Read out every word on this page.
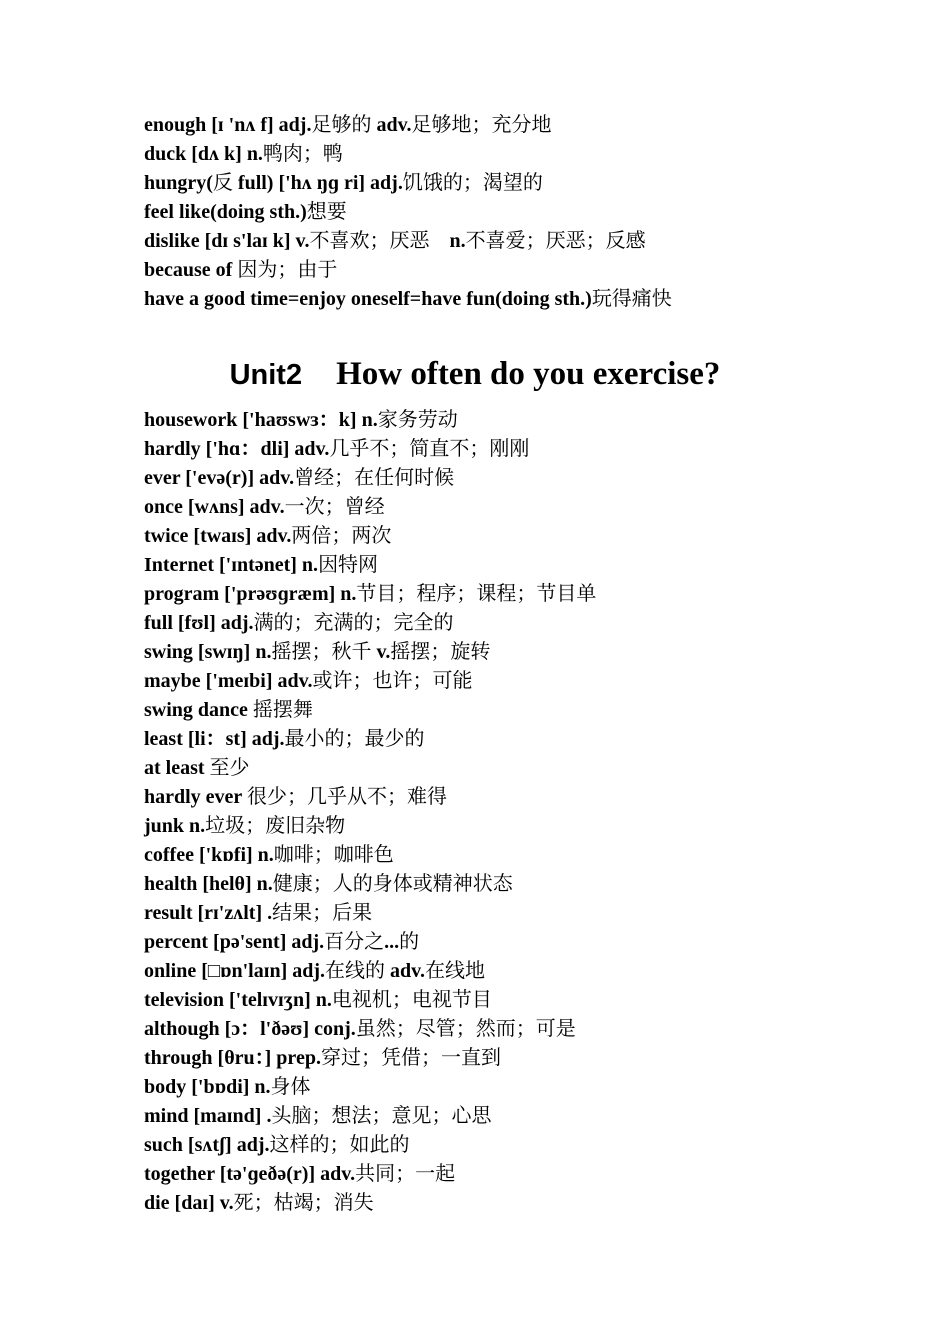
enough [ɪ 'nʌ f] adj.足够的 adv.足够地；充分地
duck [dʌ k] n.鸭肉；鸭
hungry(反 full) ['hʌ ŋɡ ri] adj.饥饿的；渴望的
feel like(doing sth.)想要
dislike [dɪ s'laɪ k] v.不喜欢；厌恶　n.不喜爱；厌恶；反感
because of 因为；由于
have a good time=enjoy oneself=have fun(doing sth.)玩得痛快
Unit2 How often do you exercise?
housework ['haʊswɜ：k] n.家务劳动
hardly ['hɑ：dli] adv.几乎不；简直不；刚刚
ever ['evə(r)] adv.曾经；在任何时候
once [wʌns] adv.一次；曾经
twice [twaɪs] adv.两倍；两次
Internet ['ɪntənet] n.因特网
program ['prəʊɡræm] n.节目；程序；课程；节目单
full [fʊl] adj.满的；充满的；完全的
swing [swɪŋ] n.摇摆；秋千 v.摇摆；旋转
maybe ['meɪbi] adv.或许；也许；可能
swing dance 摇摆舞
least [li：st] adj.最小的；最少的
at least 至少
hardly ever 很少；几乎从不；难得
junk n.垃圾；废旧杂物
coffee ['kɒfi] n.咖啡；咖啡色
health [helθ] n.健康；人的身体或精神状态
result [rɪ'zʌlt] .结果；后果
percent [pə'sent] adj.百分之...的
online [□ɒn'laɪn] adj.在线的 adv.在线地
television ['telɪvɪʒn] n.电视机；电视节目
although [ɔ：l'ðəʊ] conj.虽然；尽管；然而；可是
through [θru：] prep.穿过；凭借；一直到
body ['bɒdi] n.身体
mind [maɪnd] .头脑；想法；意见；心思
such [sʌtʃ] adj.这样的；如此的
together [tə'ɡeðə(r)] adv.共同；一起
die [daɪ] v.死；枯竭；消失
